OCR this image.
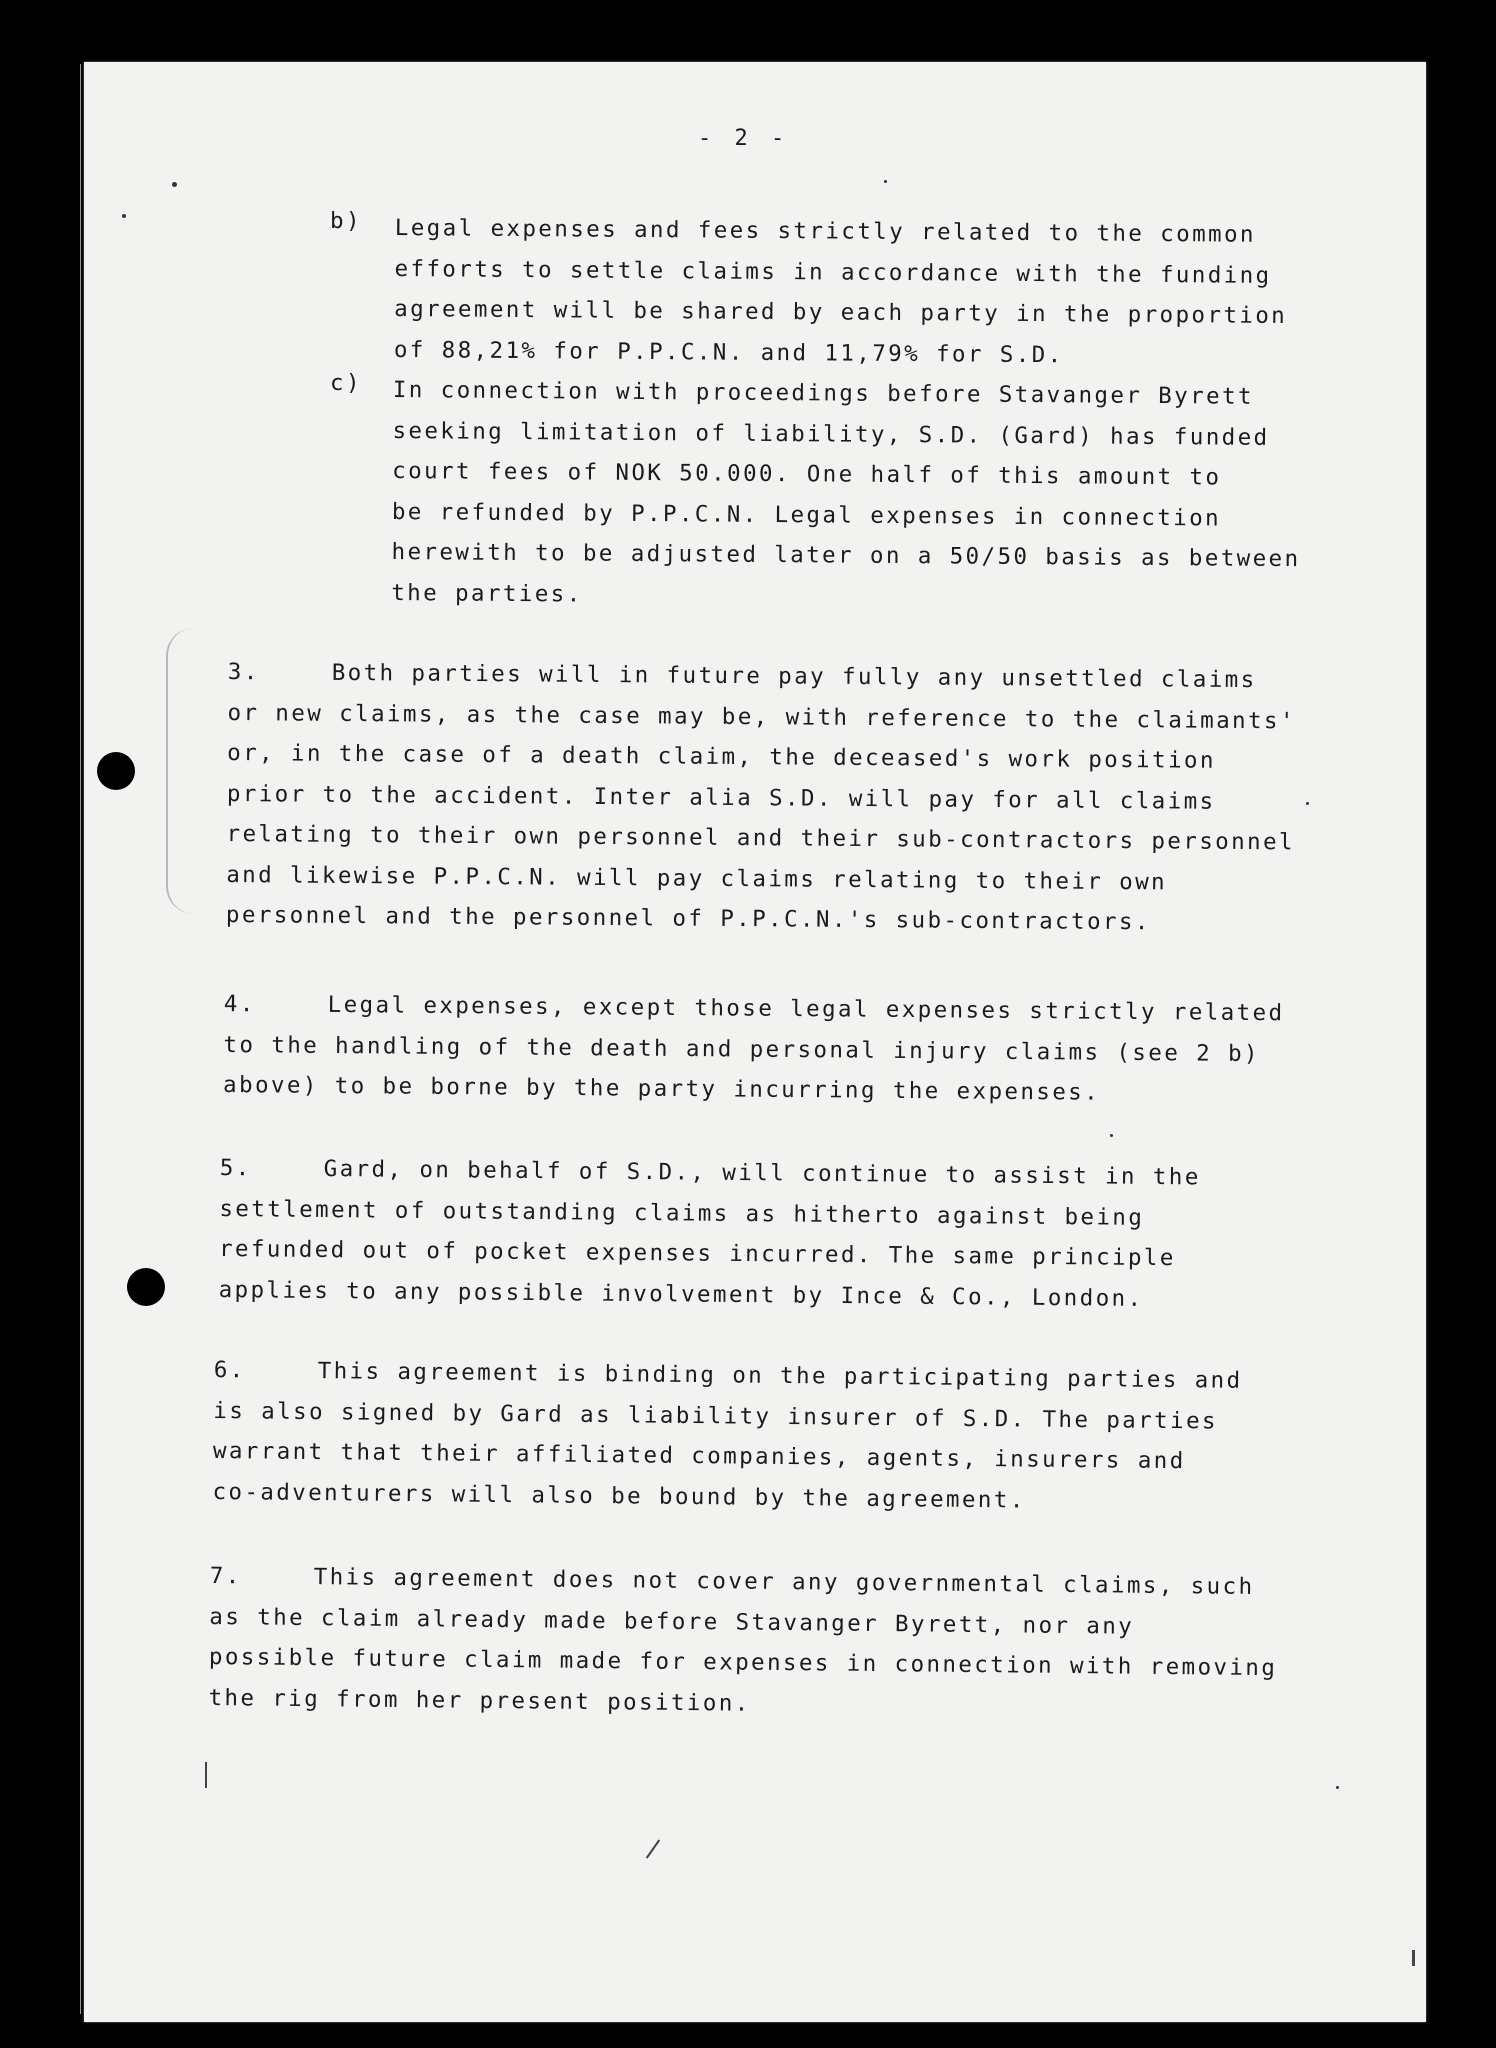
- 2 -
b) Legal expenses and fees strictly related to the common
efforts to settle claims in accordance with the funding
agreement will be shared by each party in the proportion
of 88,21% for P.P.C.N. and 11,79% for S.D.
c) In connection with proceedings before Stavanger Byrett
seeking limitation of liability, S.D. (Gard) has funded
court fees of NOK 50.000. One half of this amount to
be refunded by P.P.C.N. Legal expenses in connection
herewith to be adjusted later on a 50/50 basis as between
the parties.
3.	Both parties will in future pay fully any unsettled claims
or new claims, as the case may be, with reference to the claimants'
or, in the case of a death claim, the deceased's work position
prior to the accident. Inter alia S.D. will pay for all claims
relating to their own personnel and their sub-contractors personnel
and likewise P.P.C.N. will pay claims relating to their own
personnel and the personnel of P.P.C.N.'s sub-contractors.
4.	Legal expenses, except those legal expenses strictly related
to the handling of the death and personal injury claims (see 2 b)
above) to be borne by the party incurring the expenses.
5.	Gard, on behalf of S.D., will continue to assist in the
settlement of outstanding claims as hitherto against being
refunded out of pocket expenses incurred. The same principle
applies to any possible involvement by Ince & Co., London.
6.	This agreement is binding on the participating parties and
is also signed by Gard as liability insurer of S.D. The parties
warrant that their affiliated companies, agents, insurers and
co-adventurers will also be bound by the agreement.
7.	This agreement does not cover any governmental claims, such
as the claim already made before Stavanger Byrett, nor any
possible future claim made for expenses in connection with removing
the rig from her present position.
